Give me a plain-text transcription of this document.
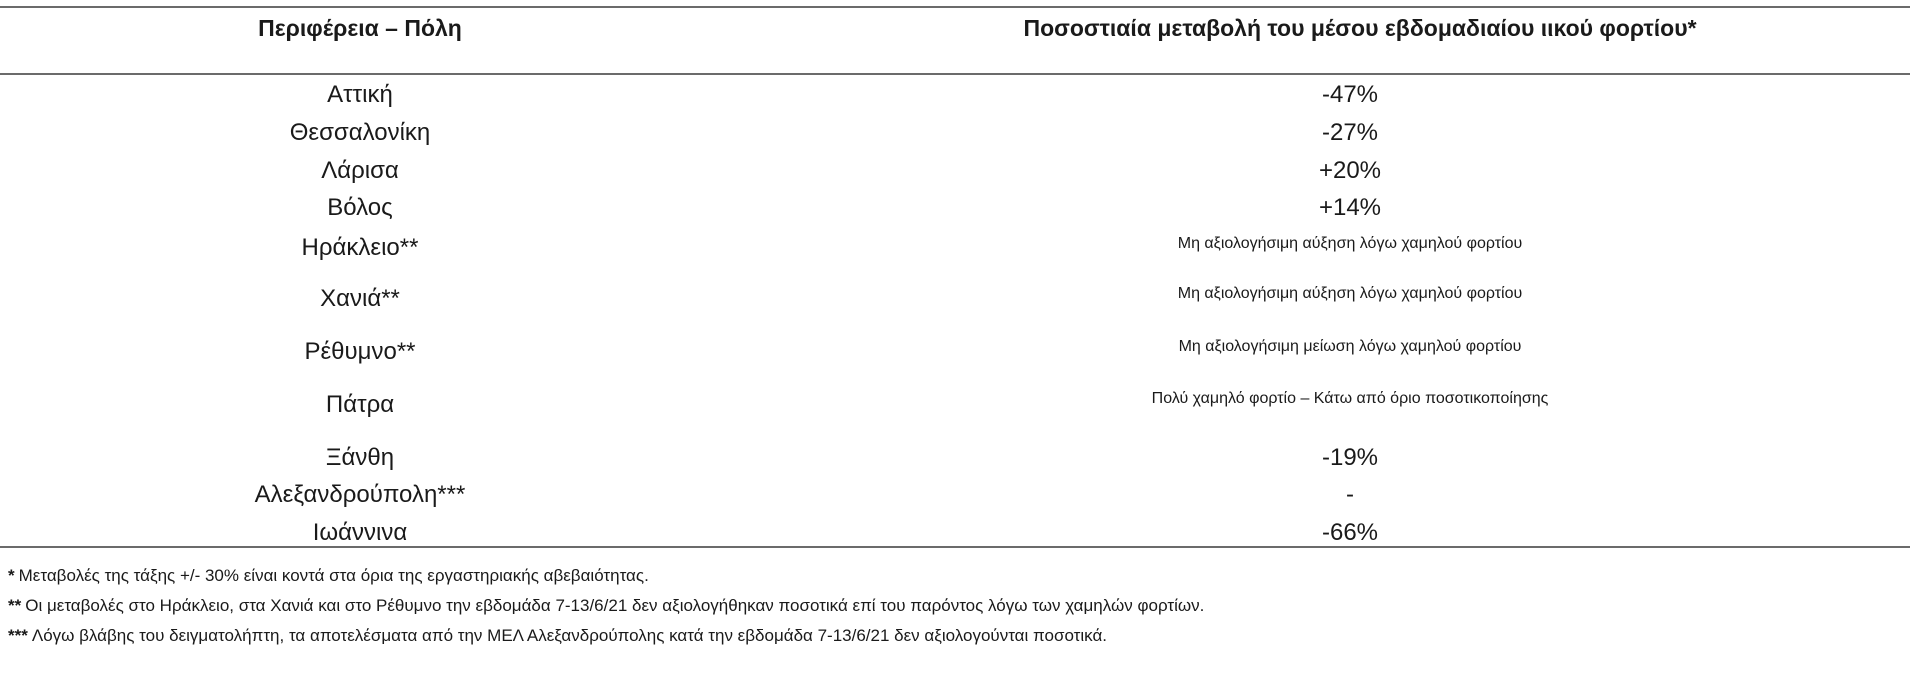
Περιφέρεια – Πόλη	Ποσοστιαία μεταβολή του μέσου εβδομαδιαίου ιικού φορτίου*
Αττική	-47%
Θεσσαλονίκη	-27%
Λάρισα	+20%
Βόλος	+14%
Ηράκλειο**	Μη αξιολογήσιμη αύξηση λόγω χαμηλού φορτίου
Χανιά**	Μη αξιολογήσιμη αύξηση λόγω χαμηλού φορτίου
Ρέθυμνο**	Μη αξιολογήσιμη μείωση λόγω χαμηλού φορτίου
Πάτρα	Πολύ χαμηλό φορτίο – Κάτω από όριο ποσοτικοποίησης
Ξάνθη	-19%
Αλεξανδρούπολη***	-
Ιωάννινα	-66%
* Μεταβολές της τάξης +/- 30% είναι κοντά στα όρια της εργαστηριακής αβεβαιότητας.
** Οι μεταβολές στο Ηράκλειο, στα Χανιά και στο Ρέθυμνο την εβδομάδα 7-13/6/21 δεν αξιολογήθηκαν ποσοτικά επί του παρόντος λόγω των χαμηλών φορτίων.
*** Λόγω βλάβης του δειγματολήπτη, τα αποτελέσματα από την ΜΕΛ Αλεξανδρούπολης κατά την εβδομάδα 7-13/6/21 δεν αξιολογούνται ποσοτικά.
